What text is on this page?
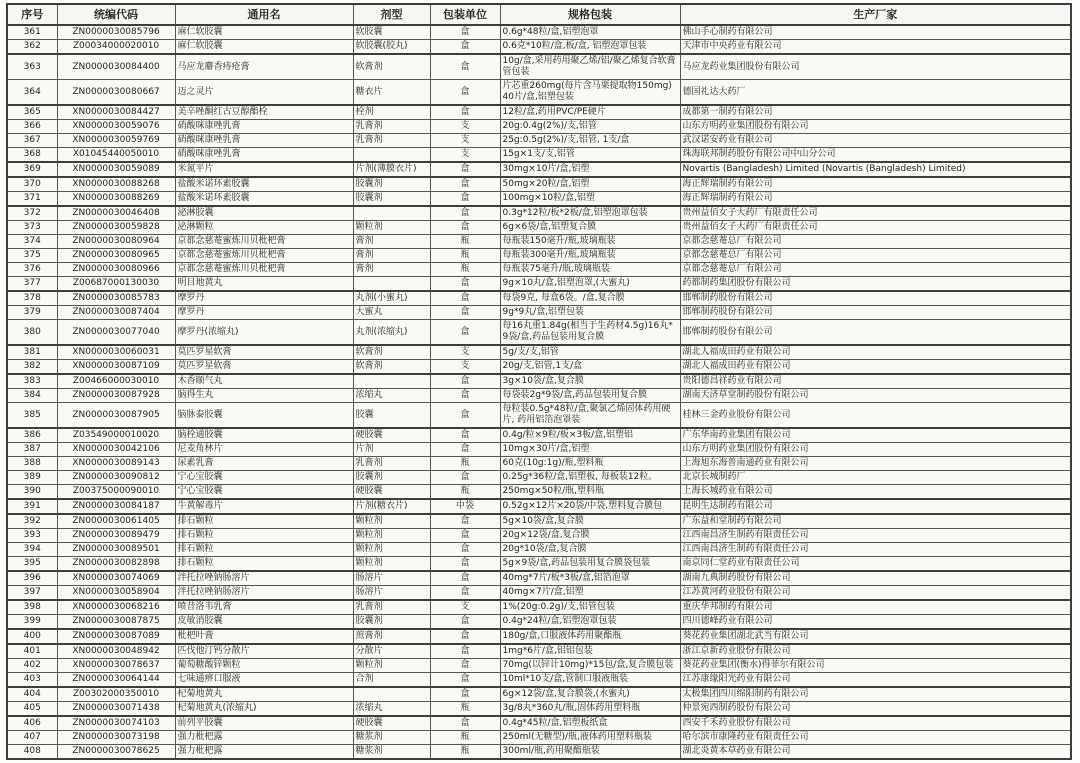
序号	统编代码	通用名	剂型	包装单位	规格包装	生产厂家
361	ZN0000030085796	麻仁软胶囊	软胶囊	盒	0.6g*48粒/盒,铝塑泡罩	佛山手心制药有限公司
362	Z00034000020010	麻仁软胶囊	软胶囊(胶丸)	盒	0.6克*10粒/盒,板/盒, 铝塑泡罩包装	天津市中央药业有限公司
363	ZN0000030084400	马应龙麝香痔疮膏	软膏剂	盒	10g/盒,采用药用聚乙烯/铝/聚乙烯复合软膏管包装	马应龙药业集团股份有限公司
364	ZN0000030080667	迈之灵片	糖衣片	盒	片芯重260mg(每片含马栗提取物150mg)40片/盒,铝塑包装	德国礼达大药厂
365	XN0000030084427	美辛唑酮红古豆醇酯栓	栓剂	盒	12粒/盒,药用PVC/PE硬片	成都第一制药有限公司
366	XN0000030059076	硝酸咪康唑乳膏	乳膏剂	支	20g:0.4g(2%)/支,铝管	山东方明药业集团股份有限公司
367	XN0000030059769	硝酸咪康唑乳膏	乳膏剂	支	25g:0.5g(2%)/支,铝管, 1支/盒	武汉诺安药业有限公司
368	X01045440050010	硝酸咪康唑乳膏		支	15g×1支/支,铝管	珠海联邦制药股份有限公司中山分公司
369	XN0000030059089	米氮平片	片剂(薄膜衣片)	盒	30mg×10片/盒,铝塑	Novartis (Bangladesh) Limited (Novartis (Bangladesh) Limited)
370	XN0000030088268	盐酸米诺环素胶囊	胶囊剂	盒	50mg×20粒/盒,铝塑	海正辉瑞制药有限公司
371	XN0000030088269	盐酸米诺环素胶囊	胶囊剂	盒	100mg×10粒/盒,铝塑	海正辉瑞制药有限公司
372	ZN0000030046408	泌淋胶囊		盒	0.3g*12粒/板*2板/盒,铝塑泡罩包装	贵州益佰女子大药厂有限责任公司
373	ZN0000030059828	泌淋颗粒	颗粒剂	盒	6g×6袋/盒,铝塑复合膜	贵州益佰女子大药厂有限责任公司
374	ZN0000030080964	京都念慈菴蜜炼川贝枇杷膏	膏剂	瓶	每瓶装150毫升/瓶,玻璃瓶装	京都念慈菴总厂有限公司
375	ZN0000030080965	京都念慈菴蜜炼川贝枇杷膏	膏剂	瓶	每瓶装300毫升/瓶,玻璃瓶装	京都念慈菴总厂有限公司
376	ZN0000030080966	京都念慈菴蜜炼川贝枇杷膏	膏剂	瓶	每瓶装75毫升/瓶,玻璃瓶装	京都念慈菴总厂有限公司
377	Z00687000130030	明目地黄丸		盒	9g×10丸/盒,铝塑泡罩,(大蜜丸)	药都制药集团股份有限公司
378	ZN0000030085783	摩罗丹	丸剂(小蜜丸)	盒	每袋9克, 每盒6袋。/盒,复合膜	邯郸制药股份有限公司
379	ZN0000030087404	摩罗丹	大蜜丸	盒	9g*9丸/盒,铝塑包装	邯郸制药股份有限公司
380	ZN0000030077040	摩罗丹(浓缩丸)	丸剂(浓缩丸)	盒	每16丸重1.84g(相当于生药材4.5g)16丸*9袋/盒,药品包装用复合膜	邯郸制药股份有限公司
381	XN0000030060031	莫匹罗星软膏	软膏剂	支	5g/支/支,铝管	湖北人福成田药业有限公司
382	XN0000030087109	莫匹罗星软膏	软膏剂	支	20g/支,铝管,1支/盒	湖北人福成田药业有限公司
383	Z00466000030010	木香顺气丸		盒	3g×10袋/盒,复合膜	贵阳德昌祥药业有限公司
384	ZN0000030087928	脑得生丸	浓缩丸	盒	每袋装2g*9袋/盒,药品包装用复合膜	湖南天济草堂制药股份有限公司
385	ZN0000030087905	脑脉泰胶囊	胶囊	盒	每粒装0.5g*48粒/盒,聚氯乙烯固体药用硬片, 药用铝箔泡罩装	桂林三金药业股份有限公司
386	Z03549000010020	脑栓通胶囊	硬胶囊	盒	0.4g/粒×9粒/板×3板/盒,铝塑铝	广东华南药业集团有限公司
387	XN0000030042106	尼麦角林片	片剂	盒	10mg×30片/盒,铝塑	山东方明药业集团股份有限公司
388	XN0000030089143	尿素乳膏	乳膏剂	瓶	60克(10g:1g)/瓶,塑料瓶	上海旭东海普南通药业有限公司
389	ZN0000030090812	宁心宝胶囊	胶囊剂	盒	0.25g*36粒/盒,铝塑板, 每板装12粒。	北京长城制药厂
390	Z00375000090010	宁心宝胶囊	硬胶囊	瓶	250mg×50粒/瓶,塑料瓶	上海长城药业有限公司
391	ZN0000030084187	牛黄解毒片	片剂(糖衣片)	中袋	0.52g×12片×20袋/中袋,塑料复合膜包	昆明生达制药有限公司
392	ZN0000030061405	排石颗粒	颗粒剂	盒	5g×10袋/盒,复合膜	广东益和堂制药有限公司
393	ZN0000030089479	排石颗粒	颗粒剂	盒	20g×12袋/盒,复合膜	江西南昌济生制药有限责任公司
394	ZN0000030089501	排石颗粒	颗粒剂	盒	20g*10袋/盒,复合膜	江西南昌济生制药有限责任公司
395	ZN0000030082898	排石颗粒	颗粒剂	盒	5g×9袋/盒,药品包装用复合膜袋包装	南京同仁堂药业有限责任公司
396	XN0000030074069	泮托拉唑钠肠溶片	肠溶片	盒	40mg*7片/板*3板/盒,铝箔泡罩	湖南九典制药股份有限公司
397	XN0000030058904	泮托拉唑钠肠溶片	肠溶片	盒	40mg×7片/盒,铝塑	江苏黄河药业股份有限公司
398	XN0000030068216	喷昔洛韦乳膏	乳膏剂	支	1%(20g:0.2g)/支,铝管包装	重庆华邦制药有限公司
399	ZN0000030087875	皮敏消胶囊	胶囊剂	盒	0.4g*24粒/盒,铝塑泡罩包装	四川德峰药业有限公司
400	ZN0000030087089	枇杷叶膏	煎膏剂	盒	180g/盒,口服液体药用聚酯瓶	葵花药业集团湖北武当有限公司
401	XN0000030048942	匹伐他汀钙分散片	分散片	盒	1mg*6片/盒,铝铝包装	浙江京新药业股份有限公司
402	XN0000030078637	葡萄糖酸锌颗粒	颗粒剂	盒	70mg(以锌计10mg)*15包/盒,复合膜包装	葵花药业集团(衡水)得菲尔有限公司
403	ZN0000030064144	七味通痹口服液	合剂	盒	10ml*10支/盒,管制口服液瓶装	江苏康缘阳光药业有限公司
404	Z00302000350010	杞菊地黄丸		盒	6g×12袋/盒,复合膜袋,(水蜜丸)	太极集团四川绵阳制药有限公司
405	ZN0000030071438	杞菊地黄丸(浓缩丸)	浓缩丸	瓶	3g/8丸*360丸/瓶,固体药用塑料瓶	仲景宛西制药股份有限公司
406	ZN0000030074103	前列平胶囊	硬胶囊	盒	0.4g*45粒/盒,铝塑板纸盒	西安千禾药业股份有限公司
407	ZN0000030073198	强力枇杷露	糖浆剂	瓶	250ml(无糖型)/瓶,液体药用塑料瓶装	哈尔滨市康隆药业有限责任公司
408	ZN0000030078625	强力枇杷露	糖浆剂	瓶	300ml/瓶,药用聚酯瓶装	湖北炎黄本草药业有限公司
